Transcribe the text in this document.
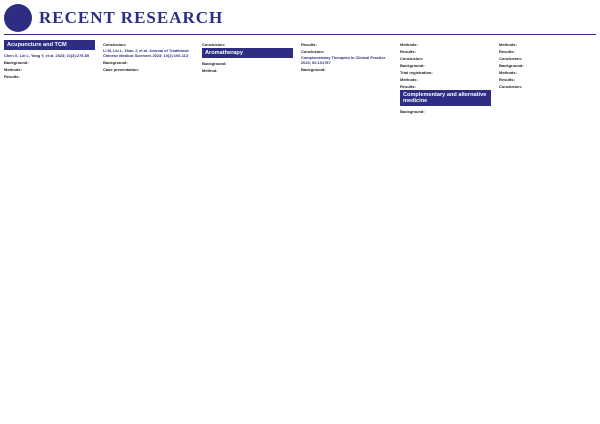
RECENT RESEARCH
Acupuncture and TCM
Chen X, Lin L, Yang Y, et al. 2023; 21(3):275-85
Background:
Methods:
Results:
Conclusion:
Li M, Liu L, Zhao J, et al. Journal of Traditional Chinese Medical Sciences 2023; 10(1):100-113
Background:
Case presentation:
Conclusion:
Aromatherapy
Background:
Method:
Results:
Conclusion:
Complementary Therapies in Clinical Practice 2023; 52:101787
Background:
Methods:
Results:
Conclusion:
Background:
Trial registration:
Methods:
Results:
Complementary and alternative medicine
Background:
Methods:
Results:
Conclusion:
Background:
Methods:
Results:
Conclusion:
